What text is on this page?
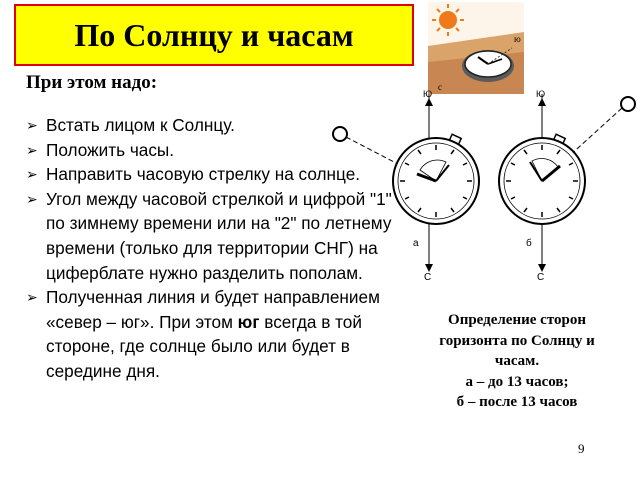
По Солнцу и часам
При этом надо:
➢ Встать лицом к Солнцу.
➢ Положить часы.
➢ Направить часовую стрелку на солнце.
➢ Угол между часовой стрелкой и цифрой "1" по зимнему времени или на "2" по летнему времени (только для территории СНГ) на циферблате нужно разделить пополам.
➢ Полученная линия и будет направлением «север – юг». При этом юг всегда в той стороне, где солнце было или будет в середине дня.
с
ю
Ю
С
а
Ю
С
б
Определение сторон
горизонта по Солнцу и
часам.
а – до 13 часов;
б – после 13 часов
9
